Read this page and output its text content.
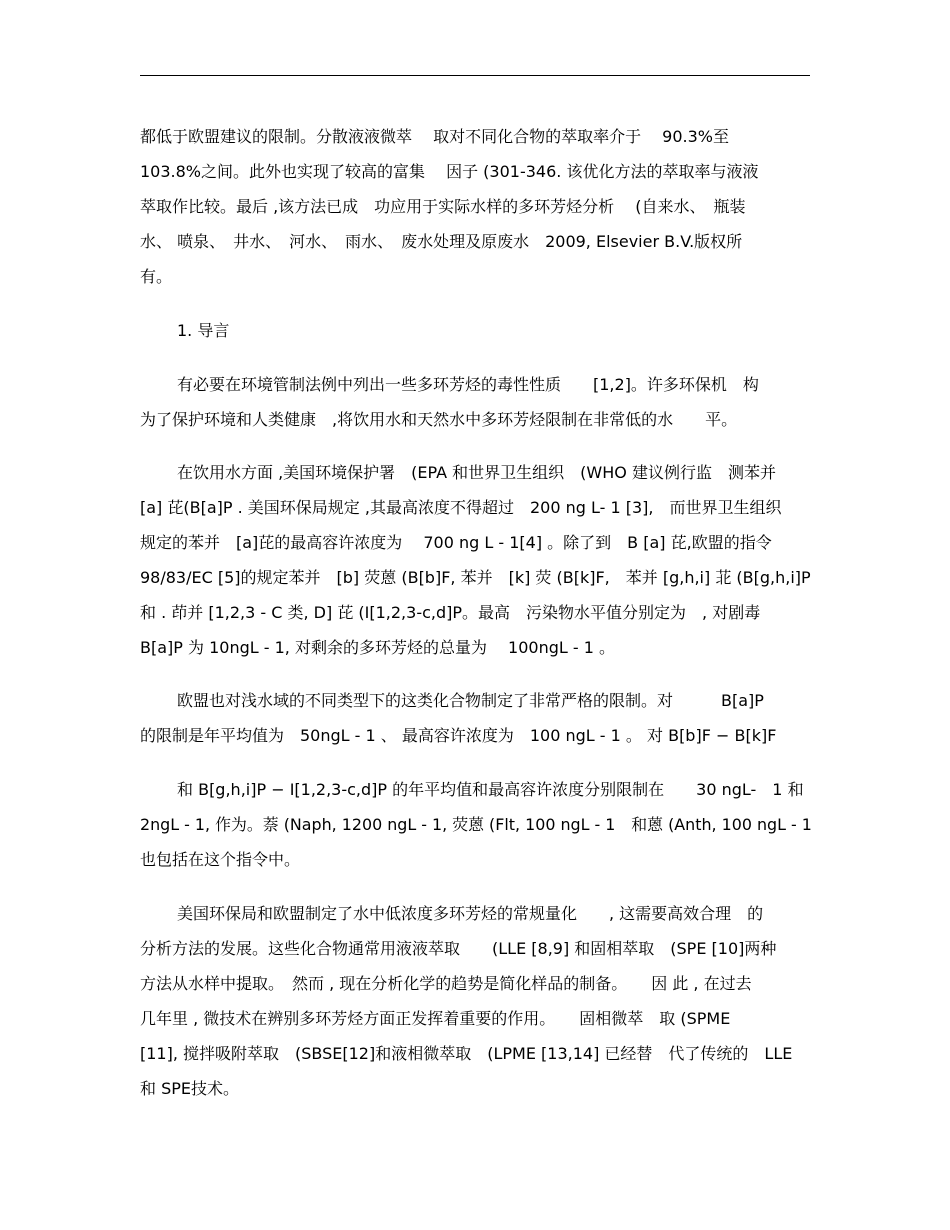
都低于欧盟建议的限制。分散液液微萃　 取对不同化合物的萃取率介于　 90.3%至
103.8%之间。此外也实现了较高的富集　 因子 (301-346. 该优化方法的萃取率与液液
萃取作比较。最后 ,该方法已成　功应用于实际水样的多环芳烃分析　 (自来水、　瓶装
水、 喷泉、　井水、　河水、　雨水、　废水处理及原废水　2009, Elsevier B.V.版权所
有。
1. 导言
有必要在环境管制法例中列出一些多环芳烃的毒性性质　　[1,2]。许多环保机　构
为了保护环境和人类健康　,将饮用水和天然水中多环芳烃限制在非常低的水　　平。
在饮用水方面 ,美国环境保护署　(EPA 和世界卫生组织　(WHO 建议例行监　测苯并
[a] 芘(B[a]P . 美国环保局规定 ,其最高浓度不得超过　200 ng L- 1 [3],　而世界卫生组织
规定的苯并　[a]芘的最高容许浓度为　 700 ng L - 1[4] 。除了到　B [a] 芘,欧盟的指令
98/83/EC [5]的规定苯并　[b] 荧蒽 (B[b]F, 苯并　[k] 荧 (B[k]F,　苯并 [g,h,i] 苝 (B[g,h,i]P
和 . 茚并 [1,2,3 - C 类, D] 芘 (I[1,2,3-c,d]P。最高　污染物水平值分别定为　, 对剧毒
B[a]P 为 10ngL - 1, 对剩余的多环芳烃的总量为　 100ngL - 1 。
欧盟也对浅水域的不同类型下的这类化合物制定了非常严格的限制。对　　　B[a]P
的限制是年平均值为　50ngL - 1 、 最高容许浓度为　100 ngL - 1 。 对 B[b]F − B[k]F
和 B[g,h,i]P − I[1,2,3-c,d]P 的年平均值和最高容许浓度分别限制在　　30 ngL-　1 和
2ngL - 1, 作为。萘 (Naph, 1200 ngL - 1, 荧蒽 (Flt, 100 ngL - 1　和蒽 (Anth, 100 ngL - 1
也包括在这个指令中。
美国环保局和欧盟制定了水中低浓度多环芳烃的常规量化　　, 这需要高效合理　的
分析方法的发展。这些化合物通常用液液萃取　　(LLE [8,9] 和固相萃取　(SPE [10]两种
方法从水样中提取。　然而 , 现在分析化学的趋势是简化样品的制备。　　因 此 , 在过去
几年里 , 微技术在辨别多环芳烃方面正发挥着重要的作用。　　固相微萃　取 (SPME
[11], 搅拌吸附萃取　(SBSE[12]和液相微萃取　(LPME [13,14] 已经替　代了传统的　LLE
和 SPE技术。
